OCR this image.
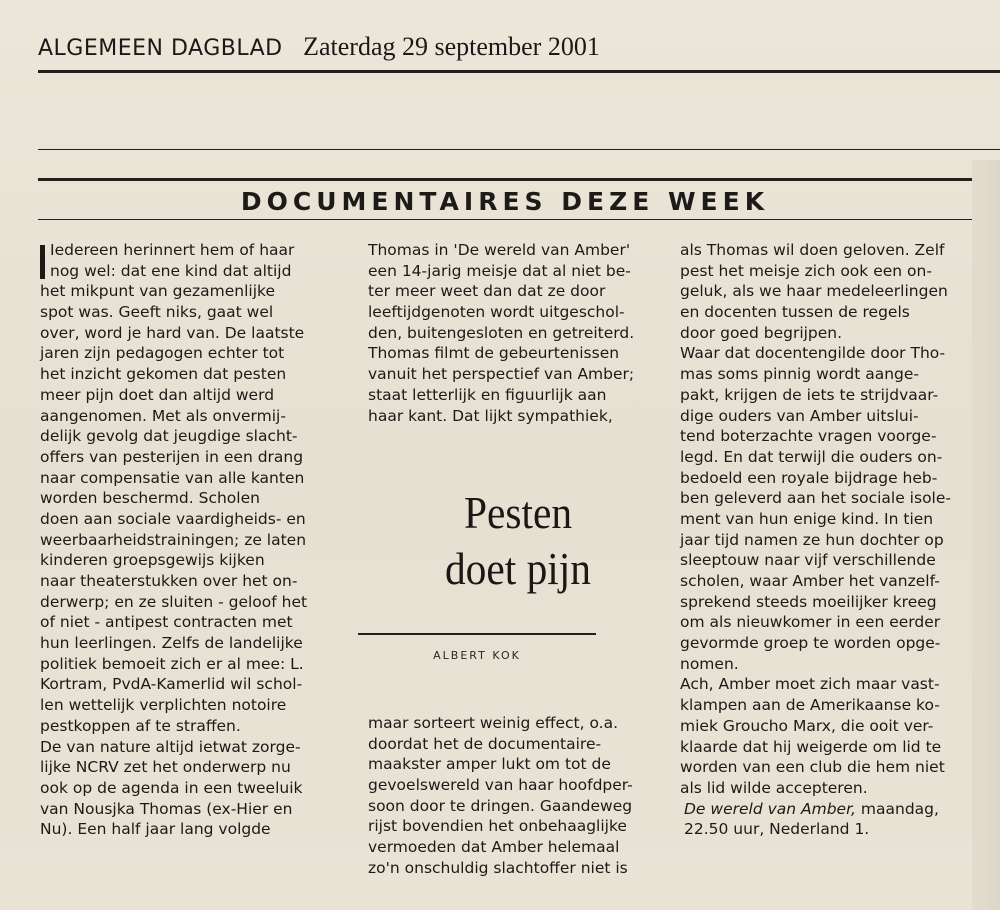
ALGEMEEN DAGBLAD Zaterdag 29 september 2001
DOCUMENTAIRES DEZE WEEK
Iedereen herinnert hem of haar
nog wel: dat ene kind dat altijd
het mikpunt van gezamenlijke
spot was. Geeft niks, gaat wel
over, word je hard van. De laatste
jaren zijn pedagogen echter tot
het inzicht gekomen dat pesten
meer pijn doet dan altijd werd
aangenomen. Met als onvermij-
delijk gevolg dat jeugdige slacht-
offers van pesterijen in een drang
naar compensatie van alle kanten
worden beschermd. Scholen
doen aan sociale vaardigheids- en
weerbaarheidstrainingen; ze laten
kinderen groepsgewijs kijken
naar theaterstukken over het on-
derwerp; en ze sluiten - geloof het
of niet - antipest contracten met
hun leerlingen. Zelfs de landelijke
politiek bemoeit zich er al mee: L.
Kortram, PvdA-Kamerlid wil schol-
len wettelijk verplichten notoire
pestkoppen af te straffen.
De van nature altijd ietwat zorge-
lijke NCRV zet het onderwerp nu
ook op de agenda in een tweeluik
van Nousjka Thomas (ex-Hier en
Nu). Een half jaar lang volgde
Thomas in 'De wereld van Amber'
een 14-jarig meisje dat al niet be-
ter meer weet dan dat ze door
leeftijdgenoten wordt uitgeschol-
den, buitengesloten en getreiterd.
Thomas filmt de gebeurtenissen
vanuit het perspectief van Amber;
staat letterlijk en figuurlijk aan
haar kant. Dat lijkt sympathiek,
Pesten
doet pijn
ALBERT KOK
maar sorteert weinig effect, o.a.
doordat het de documentaire-
maakster amper lukt om tot de
gevoelswereld van haar hoofdper-
soon door te dringen. Gaandeweg
rijst bovendien het onbehaaglijke
vermoeden dat Amber helemaal
zo'n onschuldig slachtoffer niet is
als Thomas wil doen geloven. Zelf
pest het meisje zich ook een on-
geluk, als we haar medeleerlingen
en docenten tussen de regels
door goed begrijpen.
Waar dat docentengilde door Tho-
mas soms pinnig wordt aange-
pakt, krijgen de iets te strijdvaar-
dige ouders van Amber uitslui-
tend boterzachte vragen voorge-
legd. En dat terwijl die ouders on-
bedoeld een royale bijdrage heb-
ben geleverd aan het sociale isole-
ment van hun enige kind. In tien
jaar tijd namen ze hun dochter op
sleeptouw naar vijf verschillende
scholen, waar Amber het vanzelf-
sprekend steeds moeilijker kreeg
om als nieuwkomer in een eerder
gevormde groep te worden opge-
nomen.
Ach, Amber moet zich maar vast-
klampen aan de Amerikaanse ko-
miek Groucho Marx, die ooit ver-
klaarde dat hij weigerde om lid te
worden van een club die hem niet
als lid wilde accepteren.
De wereld van Amber, maandag,
22.50 uur, Nederland 1.
